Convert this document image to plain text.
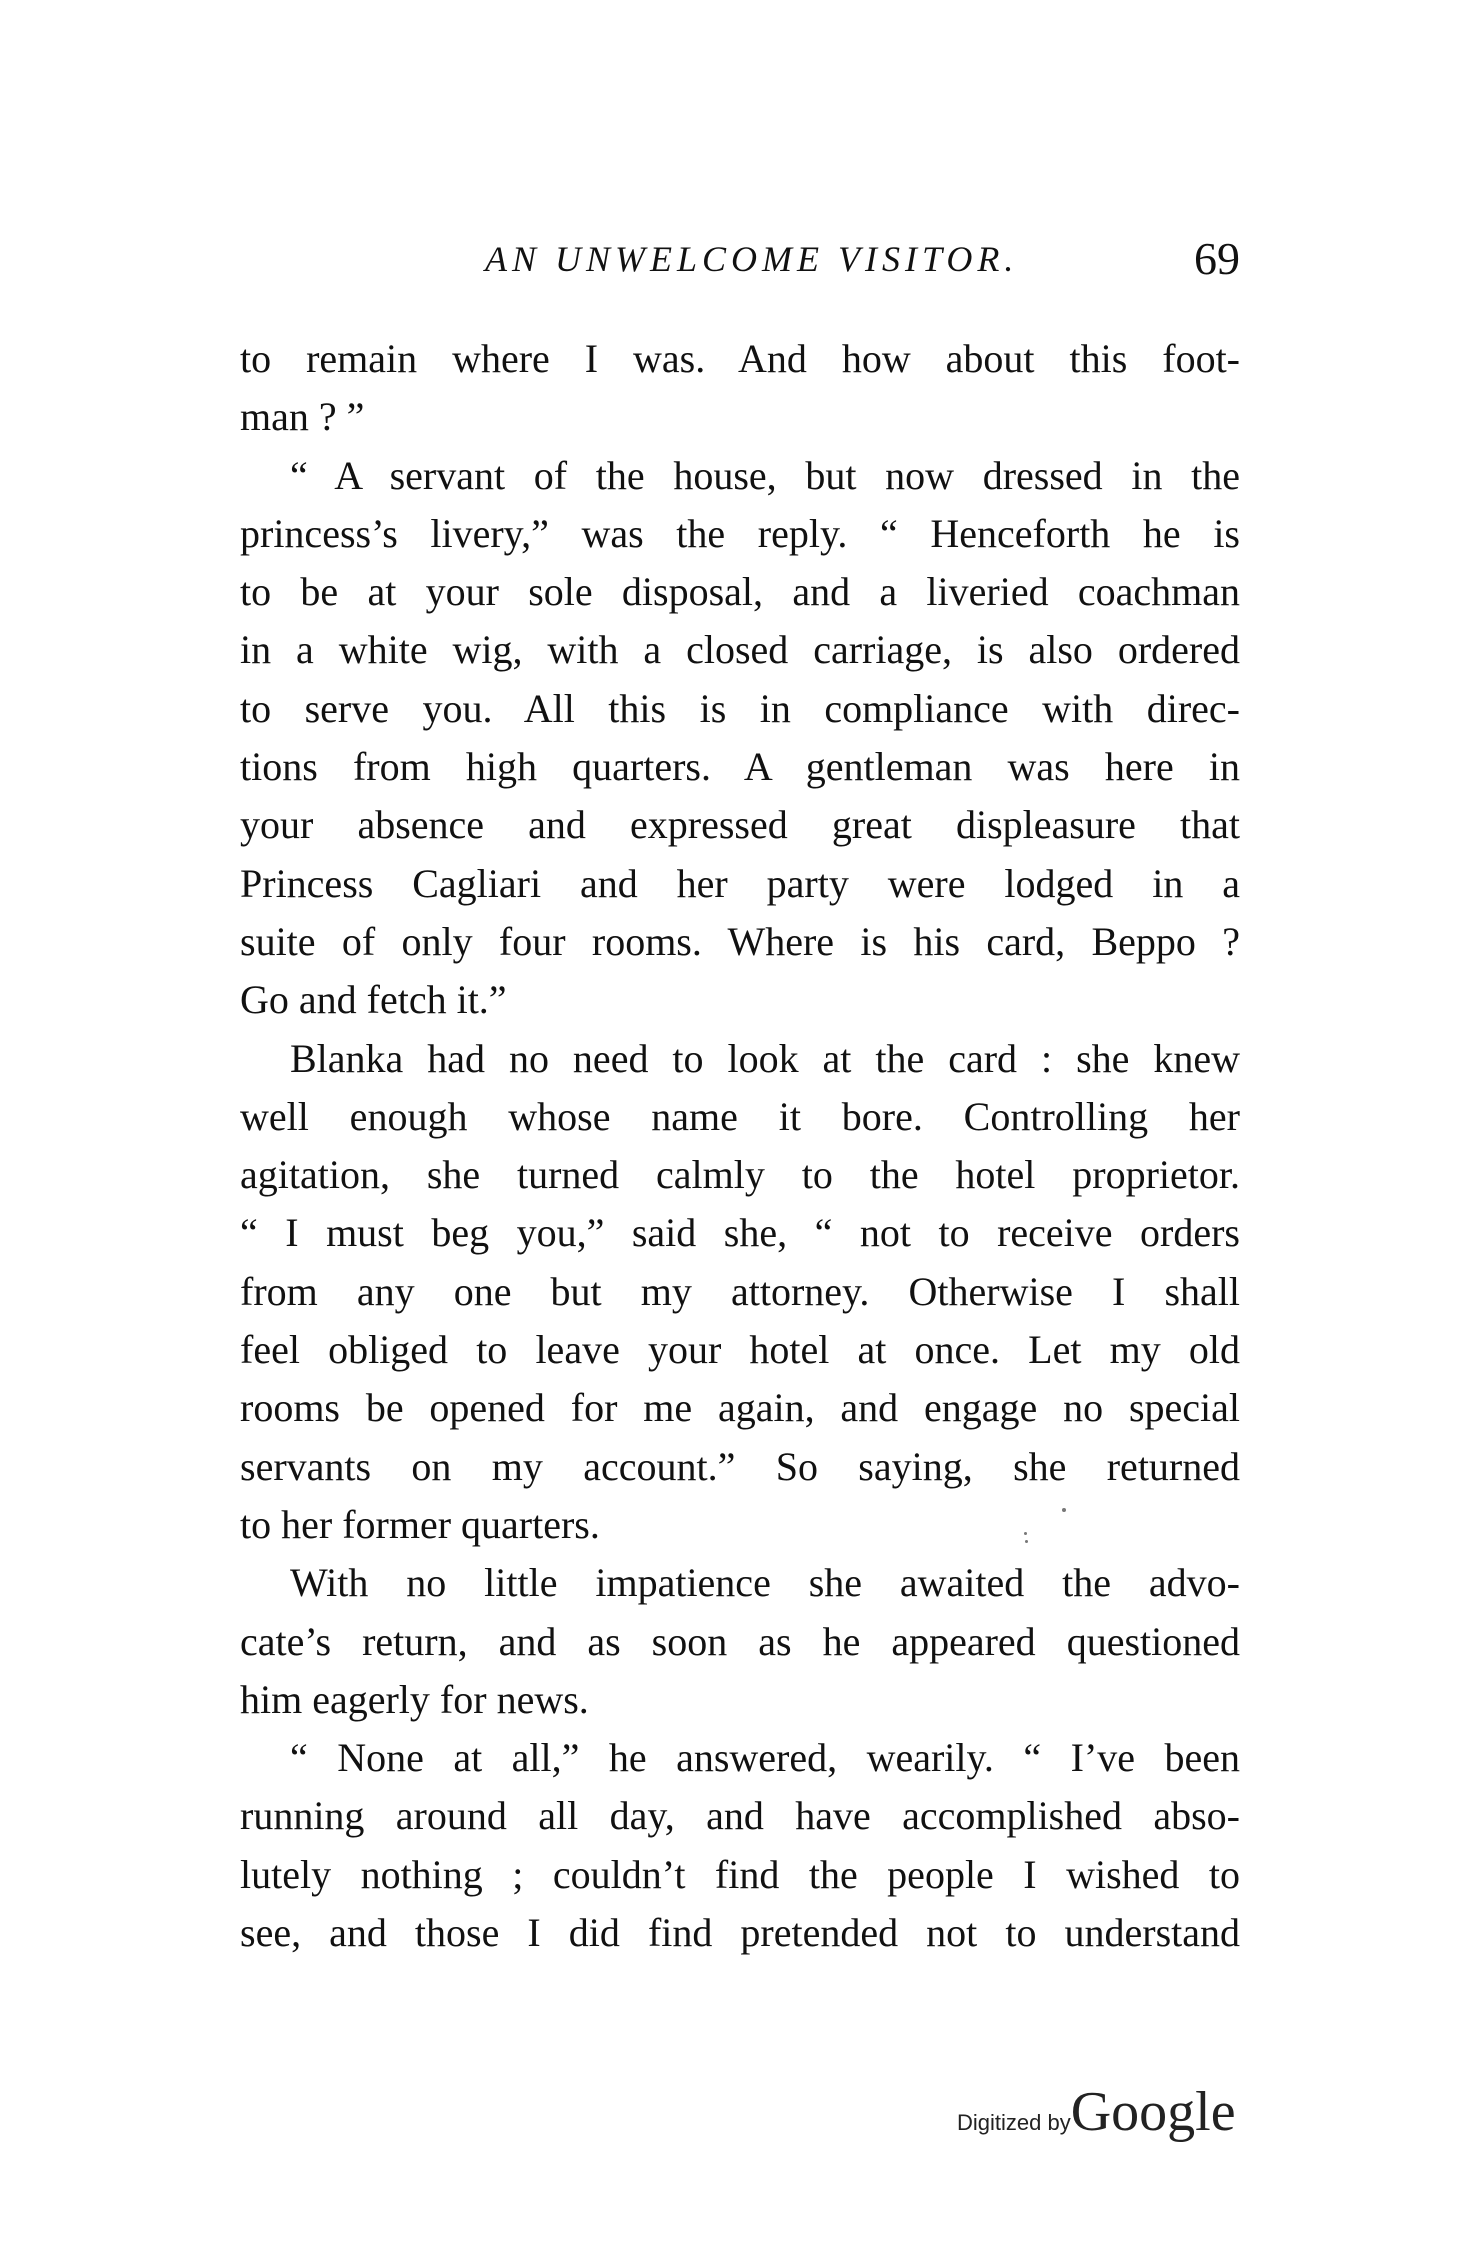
AN UNWELCOME VISITOR.	69
to remain where I was. And how about this foot-
man ? ”
“ A servant of the house, but now dressed in the
princess’s livery,” was the reply. “ Henceforth he is
to be at your sole disposal, and a liveried coachman
in a white wig, with a closed carriage, is also ordered
to serve you. All this is in compliance with direc-
tions from high quarters. A gentleman was here in
your absence and expressed great displeasure that
Princess Cagliari and her party were lodged in a
suite of only four rooms. Where is his card, Beppo ?
Go and fetch it.”
Blanka had no need to look at the card : she knew
well enough whose name it bore. Controlling her
agitation, she turned calmly to the hotel proprietor.
“ I must beg you,” said she, “ not to receive orders
from any one but my attorney. Otherwise I shall
feel obliged to leave your hotel at once. Let my old
rooms be opened for me again, and engage no special
servants on my account.” So saying, she returned
to her former quarters.
With no little impatience she awaited the advo-
cate’s return, and as soon as he appeared questioned
him eagerly for news.
“ None at all,” he answered, wearily. “ I’ve been
running around all day, and have accomplished abso-
lutely nothing ; couldn’t find the people I wished to
see, and those I did find pretended not to understand
Digitized byGoogle
